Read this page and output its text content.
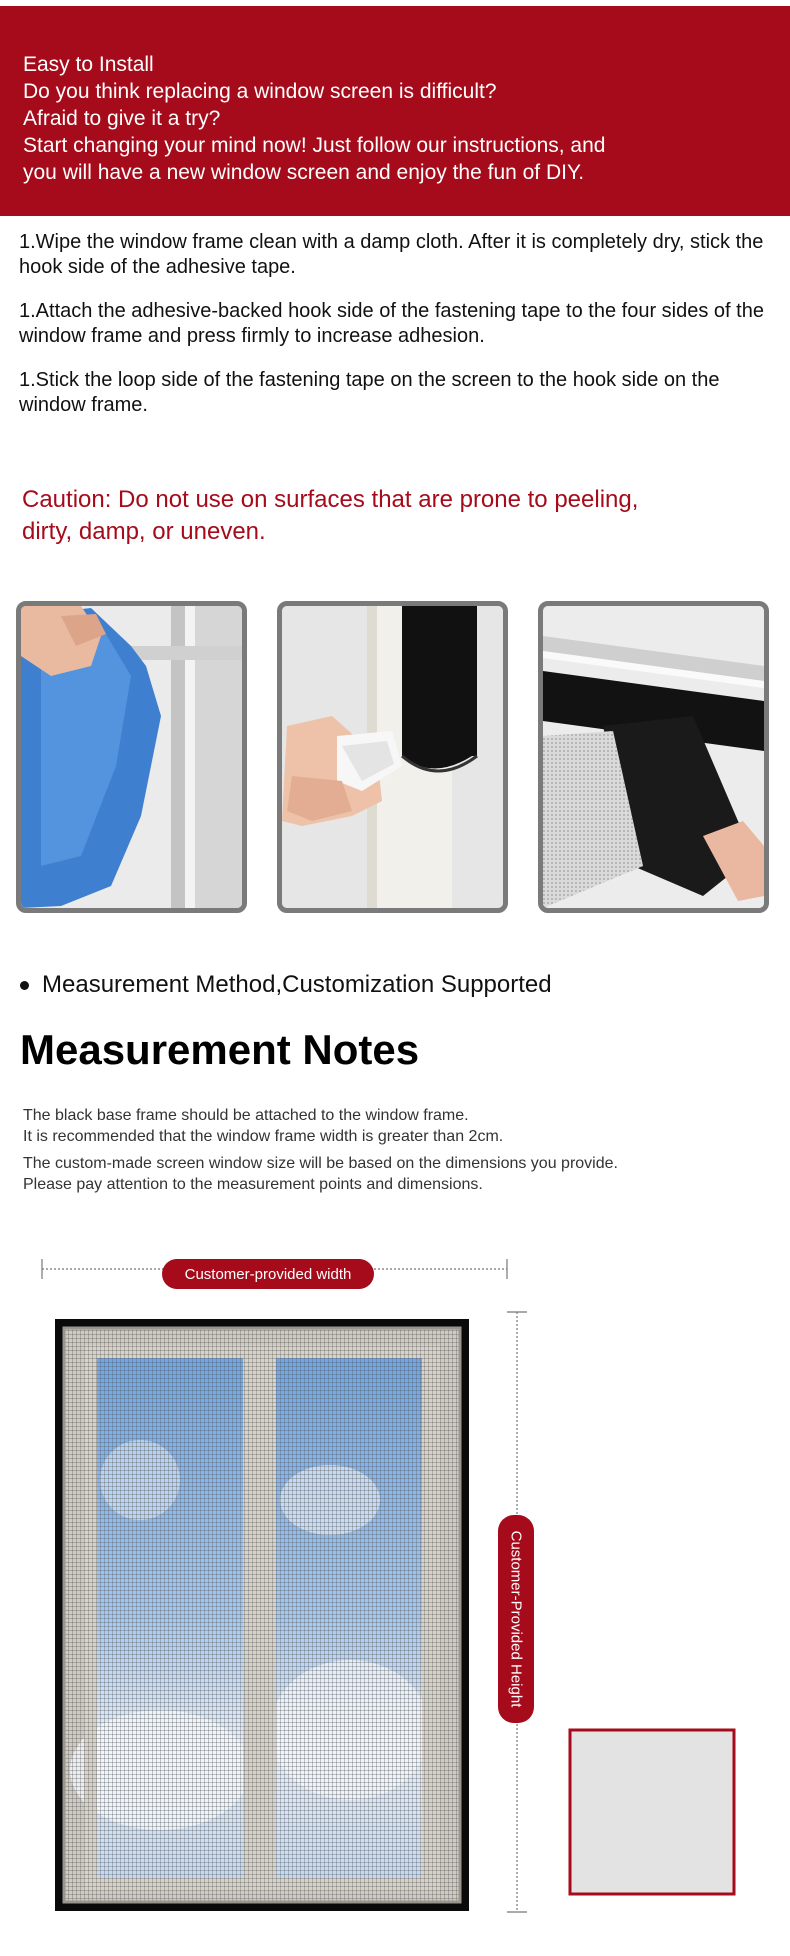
Easy to Install

Do you think replacing a window screen is difficult?

Afraid to give it a try?

Start changing your mind now! Just follow our instructions, and

you will have a new window screen and enjoy the fun of DIY.

1.Wipe the window frame clean with a damp cloth. After it is completely dry, stick the hook side of the adhesive tape.

1.Attach the adhesive-backed hook side of the fastening tape to the four sides of the window frame and press firmly to increase adhesion.

1.Stick the loop side of the fastening tape on the screen to the hook side on the window frame.

Caution: Do not use on surfaces that are prone to peeling,

dirty, damp, or uneven.

Measurement Method,Customization Supported
Measurement Notes

The black base frame should be attached to the window frame.

It is recommended that the window frame width is greater than 2cm.

The custom-made screen window size will be based on the dimensions you provide.

Please pay attention to the measurement points and dimensions.

Customer-provided width
Customer-Provided Height
